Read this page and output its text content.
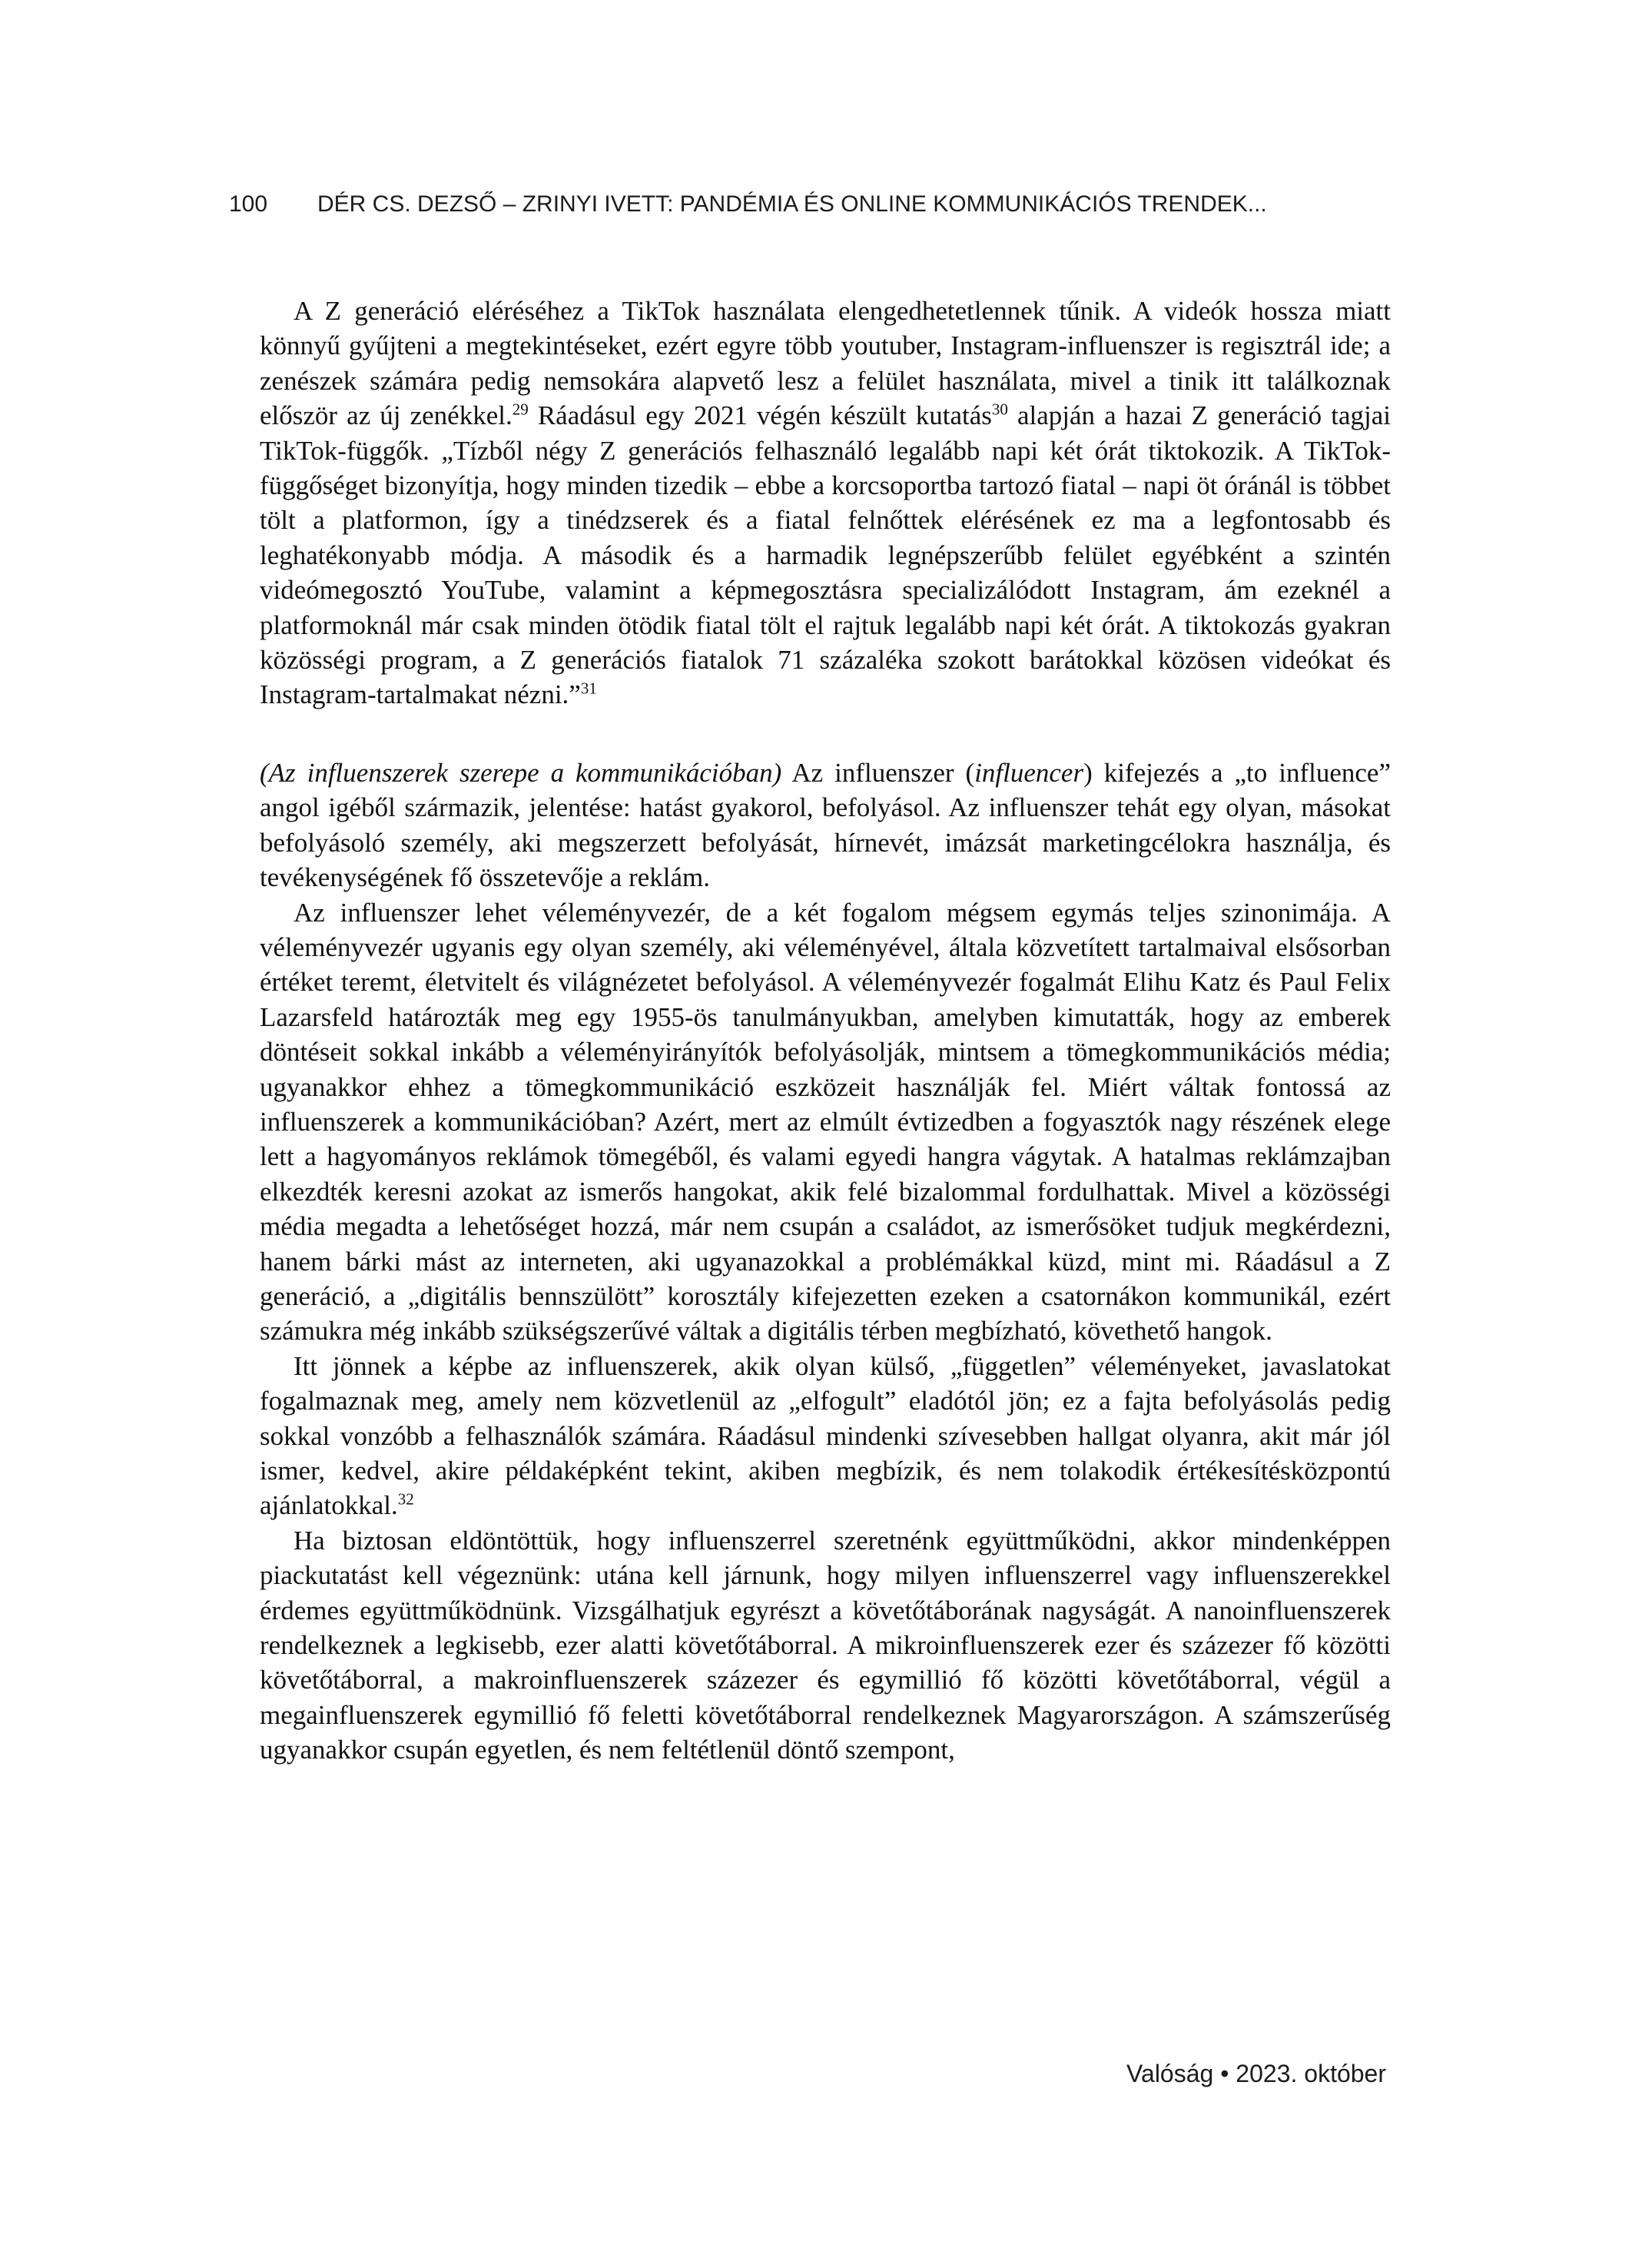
100 DÉR CS. DEZSŐ – ZRINYI IVETT: PANDÉMIA ÉS ONLINE KOMMUNIKÁCIÓS TRENDEK...

A Z generáció eléréséhez a TikTok használata elengedhetetlennek tűnik. A videók hossza miatt könnyű gyűjteni a megtekintéseket, ezért egyre több youtuber, Instagram-influenszer is regisztrál ide; a zenészek számára pedig nemsokára alapvető lesz a felület használata, mivel a tinik itt találkoznak először az új zenékkel.$^{29}$ Ráadásul egy 2021 végén készült kutatás$^{30}$ alapján a hazai Z generáció tagjai TikTok-függők. „Tízből négy Z generációs felhasználó legalább napi két órát tiktokozik. A TikTok-függőséget bizonyítja, hogy minden tizedik – ebbe a korcsoportba tartozó fiatal – napi öt óránál is többet tölt a platformon, így a tinédzserek és a fiatal felnőttek elérésének ez ma a legfontosabb és leghatékonyabb módja. A második és a harmadik legnépszerűbb felület egyébként a szintén videómegosztó YouTube, valamint a képmegosztásra specializálódott Instagram, ám ezeknél a platformoknál már csak minden ötödik fiatal tölt el rajtuk legalább napi két órát. A tiktokozás gyakran közösségi program, a Z generációs fiatalok 71 százaléka szokott barátokkal közösen videókat és Instagram-tartalmakat nézni.”$^{31}$

(Az influenszerek szerepe a kommunikációban) Az influenszer (influencer) kifejezés a „to influence” angol igéből származik, jelentése: hatást gyakorol, befolyásol. Az influenszer tehát egy olyan, másokat befolyásoló személy, aki megszerzett befolyását, hírnevét, imázsát marketingcélokra használja, és tevékenységének fő összetevője a reklám.

Az influenszer lehet véleményvezér, de a két fogalom mégsem egymás teljes szinonimája. A véleményvezér ugyanis egy olyan személy, aki véleményével, általa közvetített tartalmaival elsősorban értéket teremt, életvitelt és világnézetet befolyásol. A véleményvezér fogalmát Elihu Katz és Paul Felix Lazarsfeld határozták meg egy 1955-ös tanulmányukban, amelyben kimutatták, hogy az emberek döntéseit sokkal inkább a véleményirányítók befolyásolják, mintsem a tömegkommunikációs média; ugyanakkor ehhez a tömegkommunikáció eszközeit használják fel. Miért váltak fontossá az influenszerek a kommunikációban? Azért, mert az elmúlt évtizedben a fogyasztók nagy részének elege lett a hagyományos reklámok tömegéből, és valami egyedi hangra vágytak. A hatalmas reklámzajban elkezdték keresni azokat az ismerős hangokat, akik felé bizalommal fordulhattak. Mivel a közösségi média megadta a lehetőséget hozzá, már nem csupán a családot, az ismerősöket tudjuk megkérdezni, hanem bárki mást az interneten, aki ugyanazokkal a problémákkal küzd, mint mi. Ráadásul a Z generáció, a „digitális bennszülött” korosztály kifejezetten ezeken a csatornákon kommunikál, ezért számukra még inkább szükségszerűvé váltak a digitális térben megbízható, követhető hangok.

Itt jönnek a képbe az influenszerek, akik olyan külső, „független” véleményeket, javaslatokat fogalmaznak meg, amely nem közvetlenül az „elfogult” eladótól jön; ez a fajta befolyásolás pedig sokkal vonzóbb a felhasználók számára. Ráadásul mindenki szívesebben hallgat olyanra, akit már jól ismer, kedvel, akire példaképként tekint, akiben megbízik, és nem tolakodik értékesítésközpontú ajánlatokkal.$^{32}$

Ha biztosan eldöntöttük, hogy influenszerrel szeretnénk együttműködni, akkor mindenképpen piackutatást kell végeznünk: utána kell járnunk, hogy milyen influenszerrel vagy influenszerekkel érdemes együttműködnünk. Vizsgálhatjuk egyrészt a követőtáborának nagyságát. A nanoinfluenszerek rendelkeznek a legkisebb, ezer alatti követőtáborral. A mikroinfluenszerek ezer és százezer fő közötti követőtáborral, a makroinfluenszerek százezer és egymillió fő közötti követőtáborral, végül a megainfluenszerek egymillió fő feletti követőtáborral rendelkeznek Magyarországon. A számszerűség ugyanakkor csupán egyetlen, és nem feltétlenül döntő szempont,

Valóság • 2023. október
